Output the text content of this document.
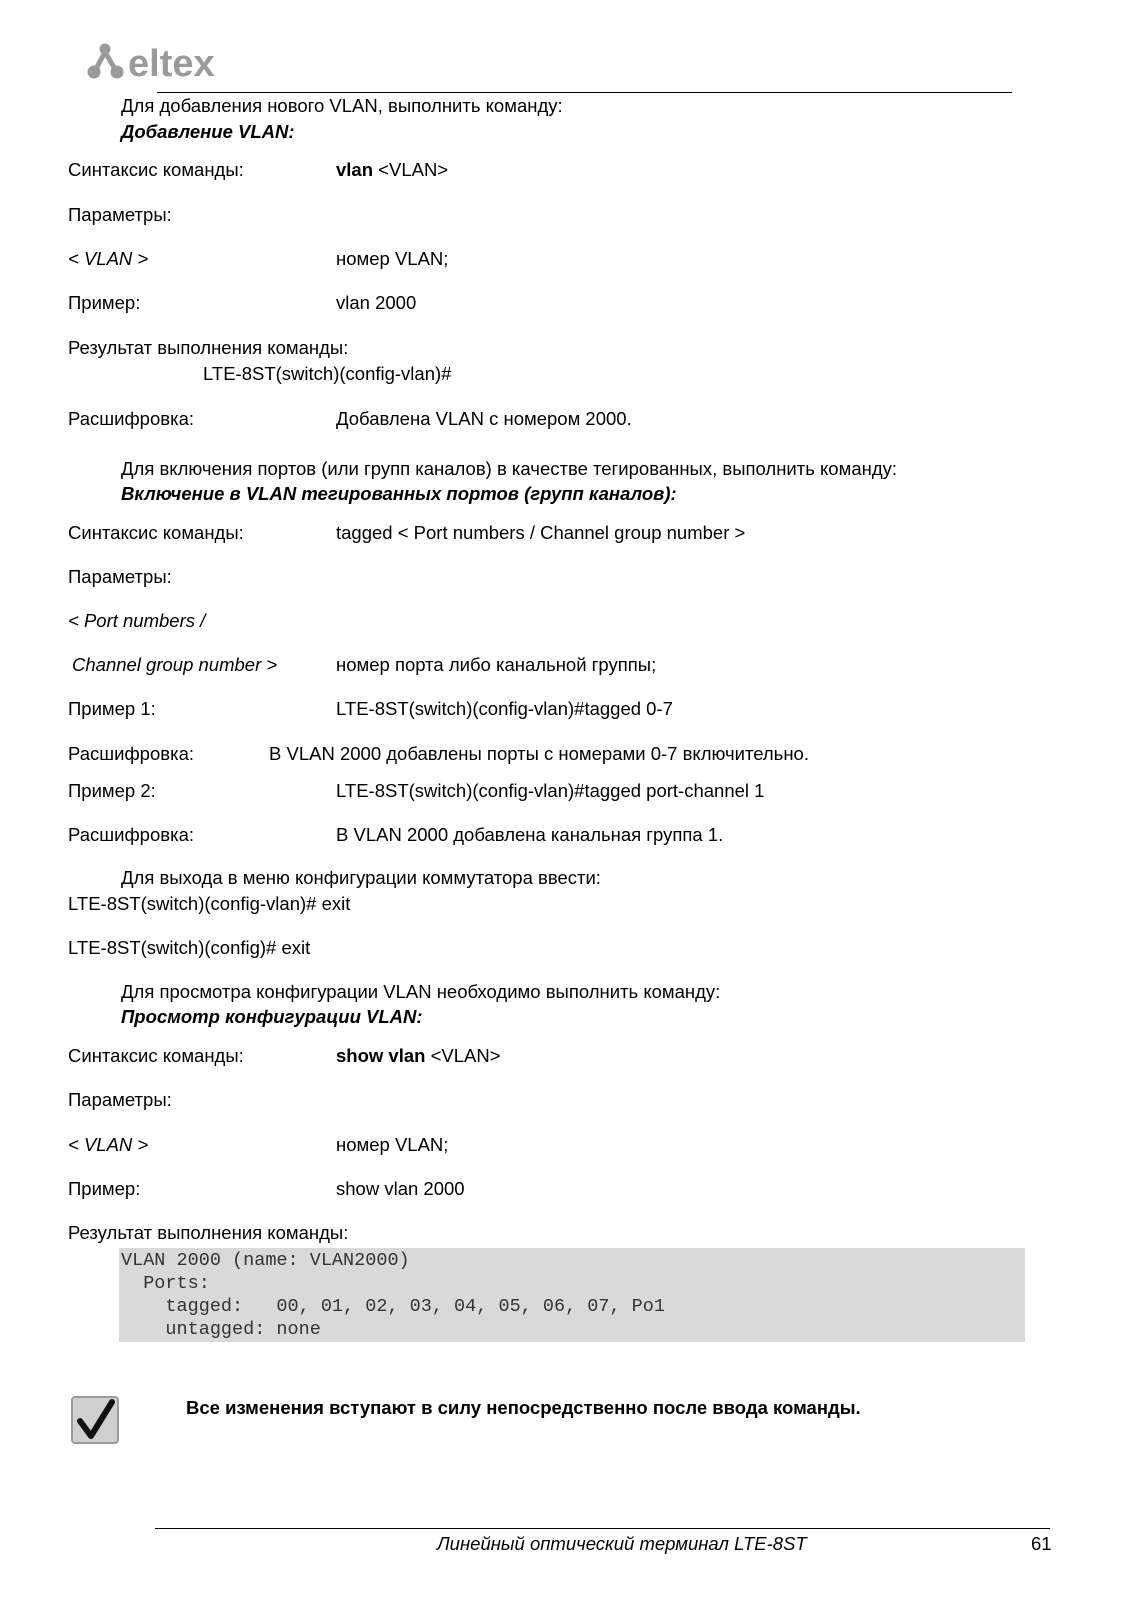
eltex
Для добавления нового VLAN, выполнить команду:
Добавление VLAN:
Синтаксис команды:	vlan <VLAN>
Параметры:
< VLAN >	номер VLAN;
Пример:	vlan 2000
Результат выполнения команды:
LTE-8ST(switch)(config-vlan)#
Расшифровка:	Добавлена VLAN с номером 2000.
Для включения портов (или групп каналов) в качестве тегированных, выполнить команду:
Включение в VLAN тегированных портов (групп каналов):
Синтаксис команды:	tagged < Port numbers / Channel group number >
Параметры:
< Port numbers /
Channel group number >	номер порта либо канальной группы;
Пример 1:	LTE-8ST(switch)(config-vlan)#tagged 0-7
Расшифровка:	В VLAN 2000 добавлены порты с номерами 0-7 включительно.
Пример 2:	LTE-8ST(switch)(config-vlan)#tagged port-channel 1
Расшифровка:	В VLAN 2000 добавлена канальная группа 1.
Для выхода в меню конфигурации коммутатора ввести:
LTE-8ST(switch)(config-vlan)# exit
LTE-8ST(switch)(config)# exit
Для просмотра конфигурации VLAN необходимо выполнить команду:
Просмотр конфигурации VLAN:
Синтаксис команды:	show vlan <VLAN>
Параметры:
< VLAN >	номер VLAN;
Пример:	show vlan 2000
Результат выполнения команды:
VLAN 2000 (name: VLAN2000)
Ports:
tagged:   00, 01, 02, 03, 04, 05, 06, 07, Po1
untagged: none
Все изменения вступают в силу непосредственно после ввода команды.
Линейный оптический терминал LTE-8ST	61
